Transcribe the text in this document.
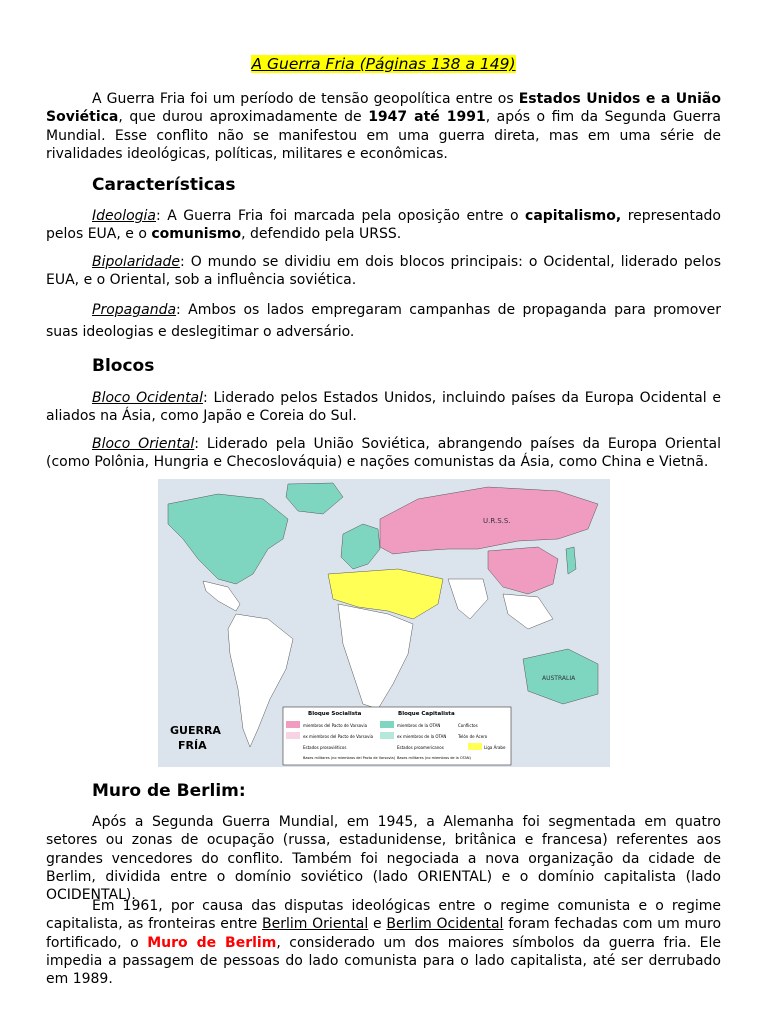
A Guerra Fria (Páginas 138 a 149)

A Guerra Fria foi um período de tensão geopolítica entre os Estados Unidos e a União Soviética, que durou aproximadamente de 1947 até 1991, após o fim da Segunda Guerra Mundial. Esse conflito não se manifestou em uma guerra direta, mas em uma série de rivalidades ideológicas, políticas, militares e econômicas.

Características

Ideologia: A Guerra Fria foi marcada pela oposição entre o capitalismo, representado pelos EUA, e o comunismo, defendido pela URSS.

Bipolaridade: O mundo se dividiu em dois blocos principais: o Ocidental, liderado pelos EUA, e o Oriental, sob a influência soviética.

Propaganda: Ambos os lados empregaram campanhas de propaganda para promover suas ideologias e deslegitimar o adversário.

Blocos

Bloco Ocidental: Liderado pelos Estados Unidos, incluindo países da Europa Ocidental e aliados na Ásia, como Japão e Coreia do Sul.

Bloco Oriental: Liderado pela União Soviética, abrangendo países da Europa Oriental (como Polônia, Hungria e Checoslováquia) e nações comunistas da Ásia, como China e Vietnã.

U.R.S.S.
AUSTRALIA
GUERRA
FRÍA
Bloque Socialista	Bloque Capitalista
miembros del Pacto de Varsovia
ex miembros del Pacto de Varsovia
Estados prosoviéticos
Bases militares (no miembros del Pacto de Varsovia)
miembros de la OTAN
ex miembros de la OTAN
Estados proamericanos
Bases militares (no miembros de la OTAN)
Conflictos
Telón de Acero
Liga Árabe
Muro de Berlim:

Após a Segunda Guerra Mundial, em 1945, a Alemanha foi segmentada em quatro setores ou zonas de ocupação (russa, estadunidense, britânica e francesa) referentes aos grandes vencedores do conflito. Também foi negociada a nova organização da cidade de Berlim, dividida entre o domínio soviético (lado ORIENTAL) e o domínio capitalista (lado OCIDENTAL).

Em 1961, por causa das disputas ideológicas entre o regime comunista e o regime capitalista, as fronteiras entre Berlim Oriental e Berlim Ocidental foram fechadas com um muro fortificado, o Muro de Berlim, considerado um dos maiores símbolos da guerra fria. Ele impedia a passagem de pessoas do lado comunista para o lado capitalista, até ser derrubado em 1989.
